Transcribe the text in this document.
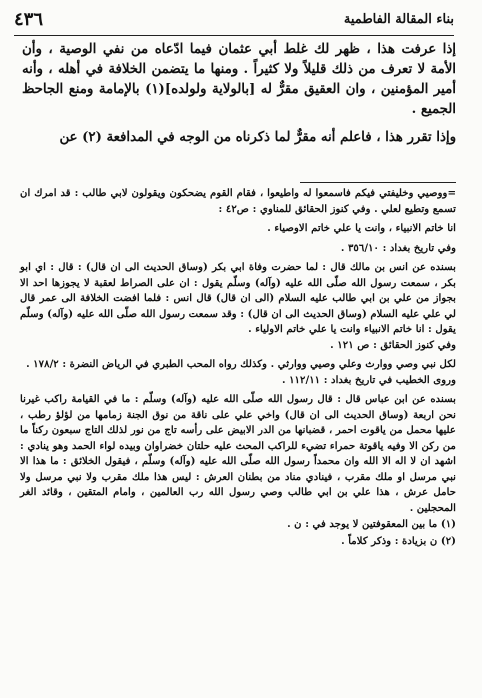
بناء المقالة الفاطمية
٤٣٦

إذا عرفت هذا ، ظهر لك غلط أبي عثمان فيما ادّعاه من نفي الوصية ، وأن الأمة لا تعرف من ذلك قليلاً ولا كثيراً . ومنها ما يتضمن الخلافة في أهله ، وأنه أمير المؤمنين ، وان العقيق مقرٌّ له [بالولاية ولولده](١) بالإمامة ومنع الجاحظ الجميع .

وإذا تقرر هذا ، فاعلم أنه مقرٌّ لما ذكرناه من الوجه في المدافعة (٢) عن

=ووصيي وخليفتي فيكم فاسمعوا له واطيعوا ، فقام القوم يضحكون ويقولون لابي طالب : قد امرك ان تسمع وتطيع لعلي . وفي كنوز الحقائق للمناوي : ص٤٢ :

انا خاتم الانبياء ، وانت يا علي خاتم الاوصياء .

وفي تاريخ بغداد : ٣٥٦/١٠ .

بسنده عن انس بن مالك قال : لما حضرت وفاة ابي بكر (وساق الحديث الى ان قال) : قال : اي ابو بكر ، سمعت رسول الله صلّى الله عليه (وآله) وسلّم يقول : ان على الصراط لعقبة لا يجوزها احد الا بجواز من علي بن ابي طالب عليه السلام (الى ان قال) قال انس : فلما افضت الخلافة الى عمر قال لي علي عليه السلام (وساق الحديث الى ان قال) : وقد سمعت رسول الله صلّى الله عليه (وآله) وسلّم يقول : انا خاتم الانبياء وانت يا علي خاتم الاولياء .

وفي كنوز الحقائق : ص ١٢١ .

لكل نبي وصي ووارث وعلي وصيي ووارثي . وكذلك رواه المحب الطبري في الرياض النضرة : ١٧٨/٢ .

وروى الخطيب في تاريخ بغداد : ١١٢/١١ .

بسنده عن ابن عباس قال : قال رسول الله صلّى الله عليه (وآله) وسلّم : ما في القيامة راكب غيرنا نحن اربعة (وساق الحديث الى ان قال) واخي علي على ناقة من نوق الجنة زمامها من لؤلؤ رطب ، عليها محمل من ياقوت احمر ، قضبانها من الدر الابيض على رأسه تاج من نور لذلك التاج سبعون ركناً ما من ركن الا وفيه ياقوتة حمراء تضيء للراكب المحث عليه حلتان خضراوان وبيده لواء الحمد وهو ينادي : اشهد ان لا اله الا الله وان محمداً رسول الله صلّى الله عليه (وآله) وسلّم ، فيقول الخلائق : ما هذا الا نبي مرسل او ملك مقرب ، فينادي مناد من بطنان العرش : ليس هذا ملك مقرب ولا نبي مرسل ولا حامل عرش ، هذا علي بن ابي طالب وصي رسول الله رب العالمين ، وامام المتقين ، وقائد الغر المحجلين .

(١) ما بين المعقوفتين لا يوجد في : ن .

(٢) ن بزيادة : وذكر كلاماً .
